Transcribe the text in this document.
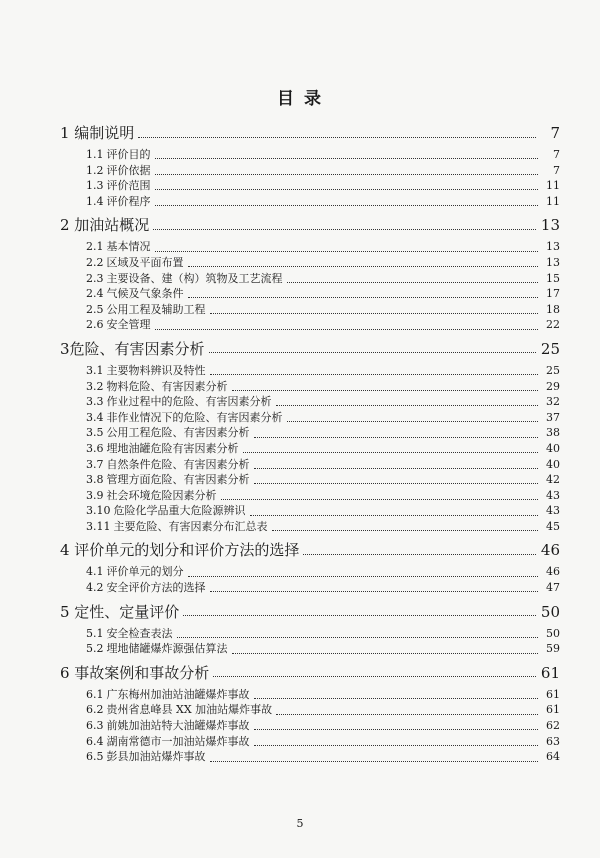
目 录
1 编制说明	7
1.1 评价目的	7
1.2 评价依据	7
1.3 评价范围	11
1.4 评价程序	11
2 加油站概况	13
2.1 基本情况	13
2.2 区域及平面布置	13
2.3 主要设备、建（构）筑物及工艺流程	15
2.4 气候及气象条件	17
2.5 公用工程及辅助工程	18
2.6 安全管理	22
3危险、有害因素分析	25
3.1 主要物料辨识及特性	25
3.2 物料危险、有害因素分析	29
3.3 作业过程中的危险、有害因素分析	32
3.4 非作业情况下的危险、有害因素分析	37
3.5 公用工程危险、有害因素分析	38
3.6 埋地油罐危险有害因素分析	40
3.7 自然条件危险、有害因素分析	40
3.8 管理方面危险、有害因素分析	42
3.9 社会环境危险因素分析	43
3.10 危险化学品重大危险源辨识	43
3.11 主要危险、有害因素分布汇总表	45
4 评价单元的划分和评价方法的选择	46
4.1 评价单元的划分	46
4.2 安全评价方法的选择	47
5 定性、定量评价	50
5.1 安全检查表法	50
5.2 埋地储罐爆炸源强估算法	59
6 事故案例和事故分析	61
6.1 广东梅州加油站油罐爆炸事故	61
6.2 贵州省息峰县 XX 加油站爆炸事故	61
6.3 前姚加油站特大油罐爆炸事故	62
6.4 湖南常德市一加油站爆炸事故	63
6.5 彭县加油站爆炸事故	64
5
